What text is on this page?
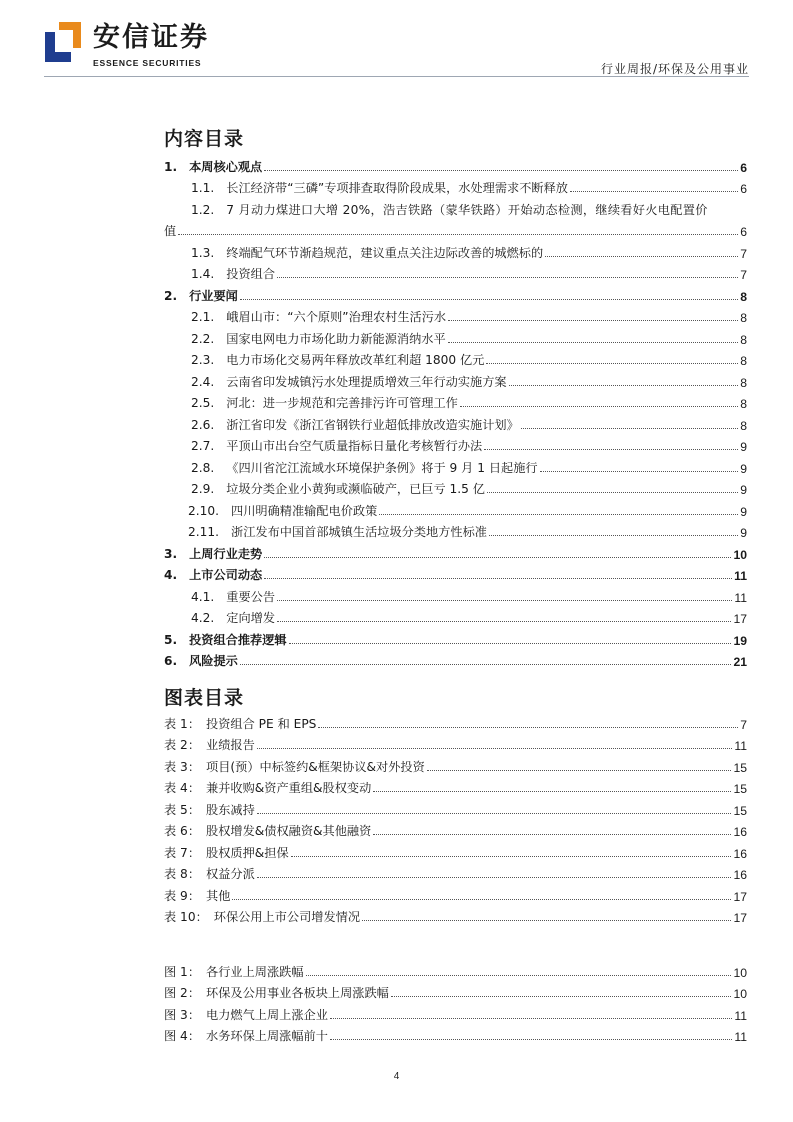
安信证券
ESSENCE SECURITIES	行业周报/环保及公用事业
内容目录
1. 本周核心观点	6
1.1. 长江经济带“三磷”专项排查取得阶段成果，水处理需求不断释放	6
1.2. 7 月动力煤进口大增 20%，浩吉铁路（蒙华铁路）开始动态检测，继续看好火电配置价
值	6
1.3. 终端配气环节渐趋规范，建议重点关注边际改善的城燃标的	7
1.4. 投资组合	7
2. 行业要闻	8
2.1. 峨眉山市：“六个原则”治理农村生活污水	8
2.2. 国家电网电力市场化助力新能源消纳水平	8
2.3. 电力市场化交易两年释放改革红利超 1800 亿元	8
2.4. 云南省印发城镇污水处理提质增效三年行动实施方案	8
2.5. 河北：进一步规范和完善排污许可管理工作	8
2.6. 浙江省印发《浙江省钢铁行业超低排放改造实施计划》	8
2.7. 平顶山市出台空气质量指标日量化考核暂行办法	9
2.8. 《四川省沱江流域水环境保护条例》将于 9 月 1 日起施行	9
2.9. 垃圾分类企业小黄狗或濒临破产，已巨亏 1.5 亿	9
2.10. 四川明确精准输配电价政策	9
2.11. 浙江发布中国首部城镇生活垃圾分类地方性标准	9
3. 上周行业走势	10
4. 上市公司动态	11
4.1. 重要公告	11
4.2. 定向增发	17
5. 投资组合推荐逻辑	19
6. 风险提示	21
图表目录
表 1： 投资组合 PE 和 EPS	7
表 2： 业绩报告	11
表 3： 项目(预）中标签约&框架协议&对外投资	15
表 4： 兼并收购&资产重组&股权变动	15
表 5： 股东减持	15
表 6： 股权增发&债权融资&其他融资	16
表 7： 股权质押&担保	16
表 8： 权益分派	16
表 9： 其他	17
表 10： 环保公用上市公司增发情况	17
图 1： 各行业上周涨跌幅	10
图 2： 环保及公用事业各板块上周涨跌幅	10
图 3： 电力燃气上周上涨企业	11
图 4： 水务环保上周涨幅前十	11
4
